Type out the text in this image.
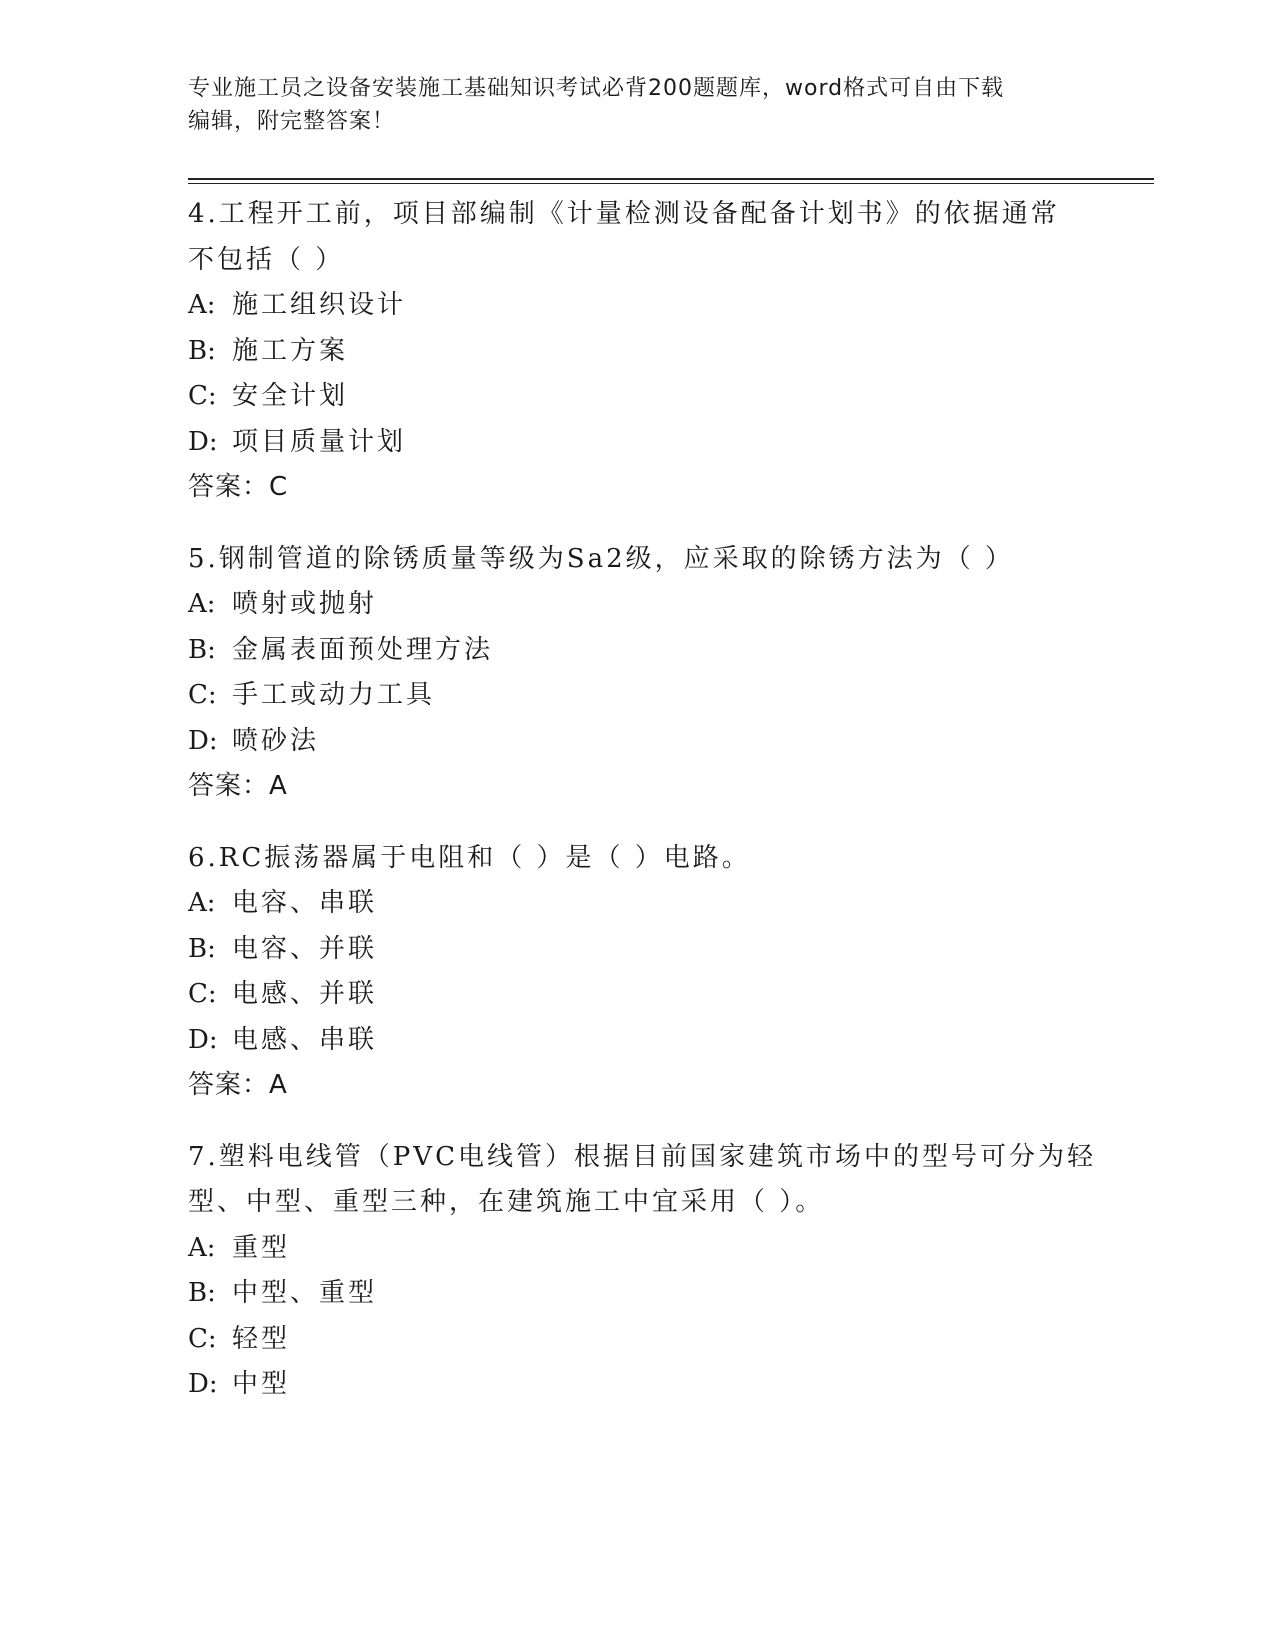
专业施工员之设备安装施工基础知识考试必背200题题库，word格式可自由下载
编辑，附完整答案！
4.工程开工前，项目部编制《计量检测设备配备计划书》的依据通常
不包括（ ）
A: 施工组织设计
B: 施工方案
C: 安全计划
D: 项目质量计划
答案：C
5.钢制管道的除锈质量等级为Sa2级，应采取的除锈方法为（ ）
A: 喷射或抛射
B: 金属表面预处理方法
C: 手工或动力工具
D: 喷砂法
答案：A
6.RC振荡器属于电阻和（ ）是（ ）电路。
A: 电容、串联
B: 电容、并联
C: 电感、并联
D: 电感、串联
答案：A
7.塑料电线管（PVC电线管）根据目前国家建筑市场中的型号可分为轻
型、中型、重型三种，在建筑施工中宜采用（ ）。
A: 重型
B: 中型、重型
C: 轻型
D: 中型
